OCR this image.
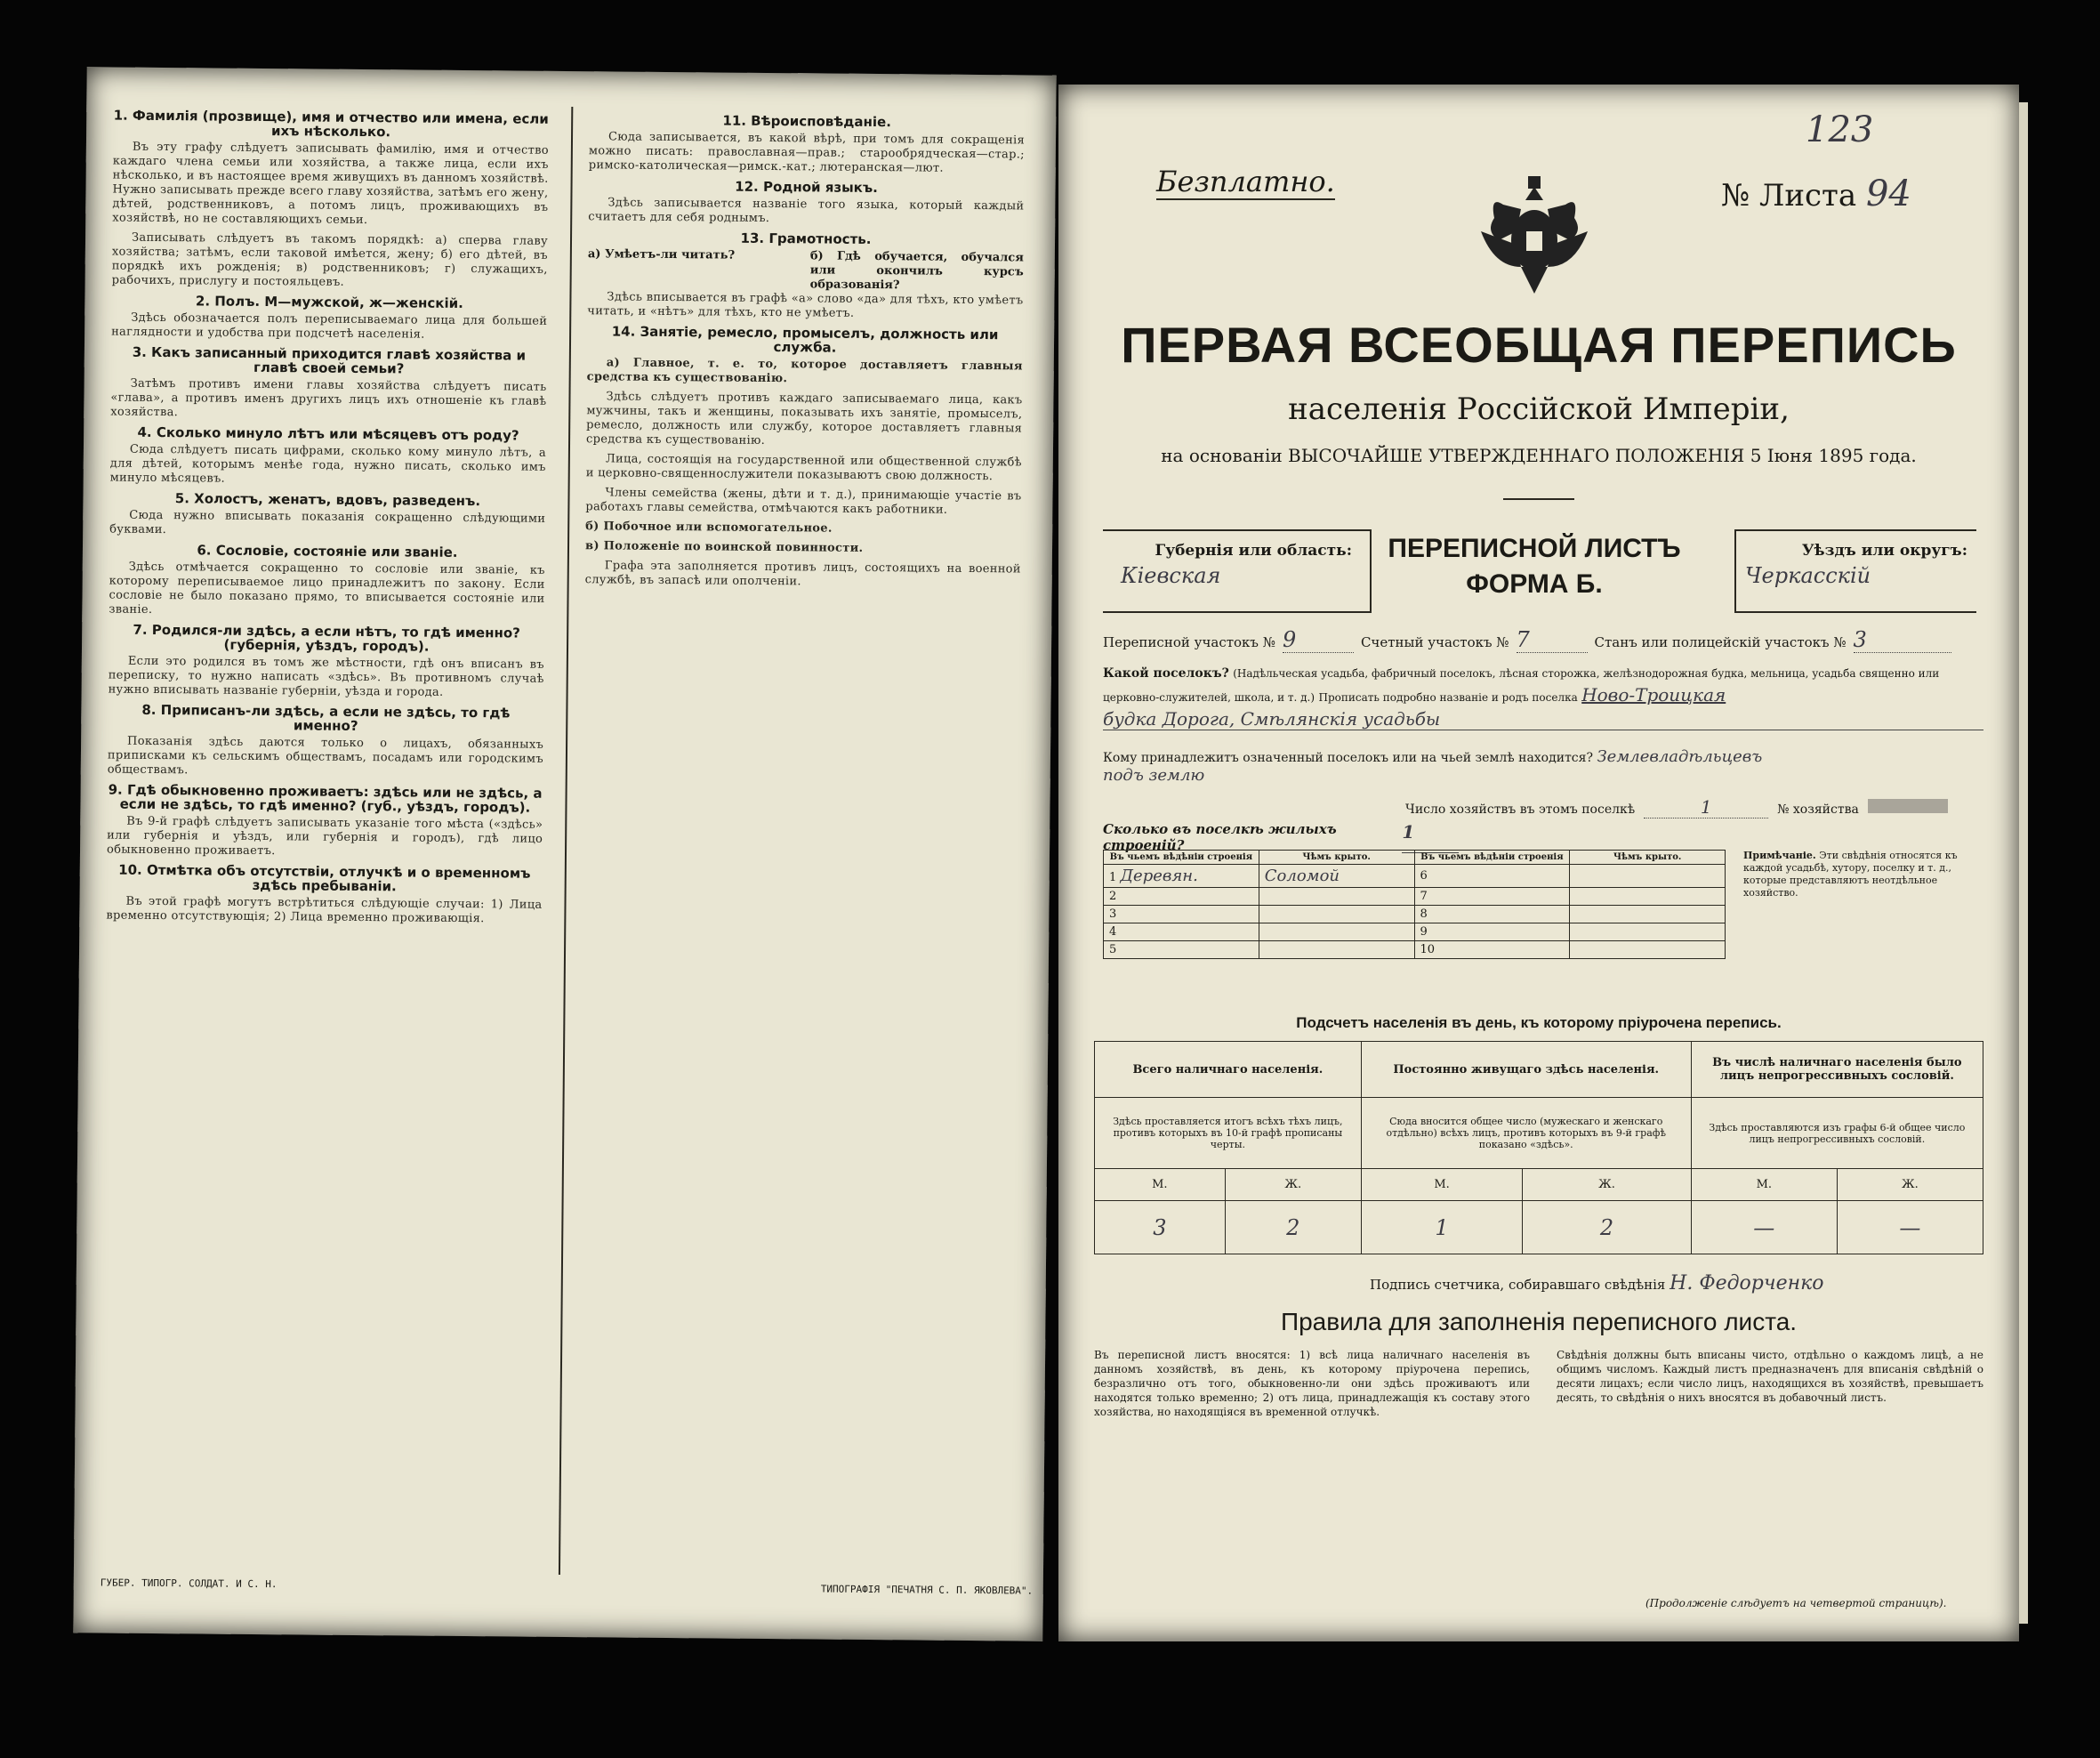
1. Фамилія (прозвище), имя и отчество или имена, если ихъ нѣсколько.

Въ эту графу слѣдуетъ записывать фамилію, имя и отчество каждаго члена семьи или хозяйства, а также лица, если ихъ нѣсколько, и въ настоящее время живущихъ въ данномъ хозяйствѣ. Нужно записывать прежде всего главу хозяйства, затѣмъ его жену, дѣтей, родственниковъ, а потомъ лицъ, проживающихъ въ хозяйствѣ, но не составляющихъ семьи.

Записывать слѣдуетъ въ такомъ порядкѣ: а) сперва главу хозяйства; затѣмъ, если таковой имѣется, жену; б) его дѣтей, въ порядкѣ ихъ рожденія; в) родственниковъ; г) служащихъ, рабочихъ, прислугу и постояльцевъ.

2. Полъ. М—мужской, ж—женскій.

Здѣсь обозначается полъ переписываемаго лица для большей наглядности и удобства при подсчетѣ населенія.

3. Какъ записанный приходится главѣ хозяйства и главѣ своей семьи?

Затѣмъ противъ имени главы хозяйства слѣдуетъ писать «глава», а противъ именъ другихъ лицъ ихъ отношеніе къ главѣ хозяйства.

4. Сколько минуло лѣтъ или мѣсяцевъ отъ роду?

Сюда слѣдуетъ писать цифрами, сколько кому минуло лѣтъ, а для дѣтей, которымъ менѣе года, нужно писать, сколько имъ минуло мѣсяцевъ.

5. Холостъ, женатъ, вдовъ, разведенъ.

Сюда нужно вписывать показанія сокращенно слѣдующими буквами.

6. Сословіе, состояніе или званіе.

Здѣсь отмѣчается сокращенно то сословіе или званіе, къ которому переписываемое лицо принадлежитъ по закону. Если сословіе не было показано прямо, то вписывается состояніе или званіе.

7. Родился-ли здѣсь, а если нѣтъ, то гдѣ именно? (губернія, уѣздъ, городъ).

Если это родился въ томъ же мѣстности, гдѣ онъ вписанъ въ переписку, то нужно написать «здѣсь». Въ противномъ случаѣ нужно вписывать названіе губерніи, уѣзда и города.

8. Приписанъ-ли здѣсь, а если не здѣсь, то гдѣ именно?

Показанія здѣсь даются только о лицахъ, обязанныхъ приписками къ сельскимъ обществамъ, посадамъ или городскимъ обществамъ.

9. Гдѣ обыкновенно проживаетъ: здѣсь или не здѣсь, а если не здѣсь, то гдѣ именно? (губ., уѣздъ, городъ).

Въ 9-й графѣ слѣдуетъ записывать указаніе того мѣста («здѣсь» или губернія и уѣздъ, или губернія и городъ), гдѣ лицо обыкновенно проживаетъ.

10. Отмѣтка объ отсутствіи, отлучкѣ и о временномъ здѣсь пребываніи.

Въ этой графѣ могутъ встрѣтиться слѣдующіе случаи: 1) Лица временно отсутствующія; 2) Лица временно проживающія.

11. Вѣроисповѣданіе.

Сюда записывается, въ какой вѣрѣ, при томъ для сокращенія можно писать: православная—прав.; старообрядческая—стар.; римско-католическая—римск.-кат.; лютеранская—лют.

12. Родной языкъ.

Здѣсь записывается названіе того языка, который каждый считаетъ для себя роднымъ.

13. Грамотность.
а) Умѣетъ-ли читать?	б) Гдѣ обучается, обучался или окончилъ курсъ образованія?

Здѣсь вписывается въ графѣ «а» слово «да» для тѣхъ, кто умѣетъ читать, и «нѣтъ» для тѣхъ, кто не умѣетъ.

14. Занятіе, ремесло, промыселъ, должность или служба.

а) Главное, т. е. то, которое доставляетъ главныя средства къ существованію.

Здѣсь слѣдуетъ противъ каждаго записываемаго лица, какъ мужчины, такъ и женщины, показывать ихъ занятіе, промыселъ, ремесло, должность или службу, которое доставляетъ главныя средства къ существованію.

Лица, состоящія на государственной или общественной службѣ и церковно-священнослужители показываютъ свою должность.

Члены семейства (жены, дѣти и т. д.), принимающіе участіе въ работахъ главы семейства, отмѣчаются какъ работники.

б) Побочное или вспомогательное.

в) Положеніе по воинской повинности.

Графа эта заполняется противъ лицъ, состоящихъ на военной службѣ, въ запасѣ или ополченіи.

ГУБЕР. ТИПОГР. СОЛДАТ. И С. Н.	ТИПОГРАФІЯ "ПЕЧАТНЯ С. П. ЯКОВЛЕВА".
123
Безплатно.	№ Листа 94
ПЕРВАЯ ВСЕОБЩАЯ ПЕРЕПИСЬ
населенія Россійской Имперіи,
на основаніи ВЫСОЧАЙШЕ УТВЕРЖДЕННАГО ПОЛОЖЕНІЯ 5 Іюня 1895 года.
Губернія или область:
Кіевская
ПЕРЕПИСНОЙ ЛИСТЪ
ФОРМА Б.
Уѣздъ или округъ:
Черкасскій
Переписной участокъ № 9	Счетный участокъ № 7	Станъ или полицейскій участокъ № 3
Какой поселокъ? (Надѣльческая усадьба, фабричный поселокъ, лѣсная сторожка, желѣзнодорожная будка, мельница, усадьба священно или церковно-служителей, школа, и т. д.) Прописать подробно названіе и родъ поселка Ново-Троицкая
будка Дорога, Смѣлянскія усадьбы
Кому принадлежитъ означенный поселокъ или на чьей землѣ находится? Землевладѣльцевъ
подъ землю
Число хозяйствъ въ этомъ поселкѣ	1	№ хозяйства
Сколько въ поселкѣ жилыхъ строеній?
1
Въ чьемъ вѣдѣніи строенія	Чѣмъ крыто.	Въ чьемъ вѣдѣніи строенія	Чѣмъ крыто.
1 Деревян.	Соломой	6	
2		7	
3		8	
4		9	
5		10	
Примѣчаніе. Эти свѣдѣнія относятся къ каждой усадьбѣ, хутору, поселку и т. д., которые представляютъ неотдѣльное хозяйство.
Подсчетъ населенія въ день, къ которому пріурочена перепись.
Всего наличнаго населенія.		Постоянно живущаго здѣсь населенія.		Въ числѣ наличнаго населенія было лицъ непрогрессивныхъ сословій.	
Здѣсь проставляется итогъ всѣхъ тѣхъ лицъ, противъ которыхъ въ 10-й графѣ прописаны черты.		Сюда вносится общее число (мужескаго и женскаго отдѣльно) всѣхъ лицъ, противъ которыхъ въ 9-й графѣ показано «здѣсь».		Здѣсь проставляются изъ графы 6-й общее число лицъ непрогрессивныхъ сословій.	
М.	Ж.	М.	Ж.	М.	Ж.
3	2	1	2	—	—
Подпись счетчика, собиравшаго свѣдѣнія Н. Федорченко
Правила для заполненія переписного листа.
Въ переписной листъ вносятся: 1) всѣ лица наличнаго населенія въ данномъ хозяйствѣ, въ день, къ которому пріурочена перепись, безразлично отъ того, обыкновенно-ли они здѣсь проживаютъ или находятся только временно; 2) отъ лица, принадлежащія къ составу этого хозяйства, но находящіяся въ временной отлучкѣ.
Свѣдѣнія должны быть вписаны чисто, отдѣльно о каждомъ лицѣ, а не общимъ числомъ. Каждый листъ предназначенъ для вписанія свѣдѣній о десяти лицахъ; если число лицъ, находящихся въ хозяйствѣ, превышаетъ десять, то свѣдѣнія о нихъ вносятся въ добавочный листъ.
(Продолженіе слѣдуетъ на четвертой страницѣ).
